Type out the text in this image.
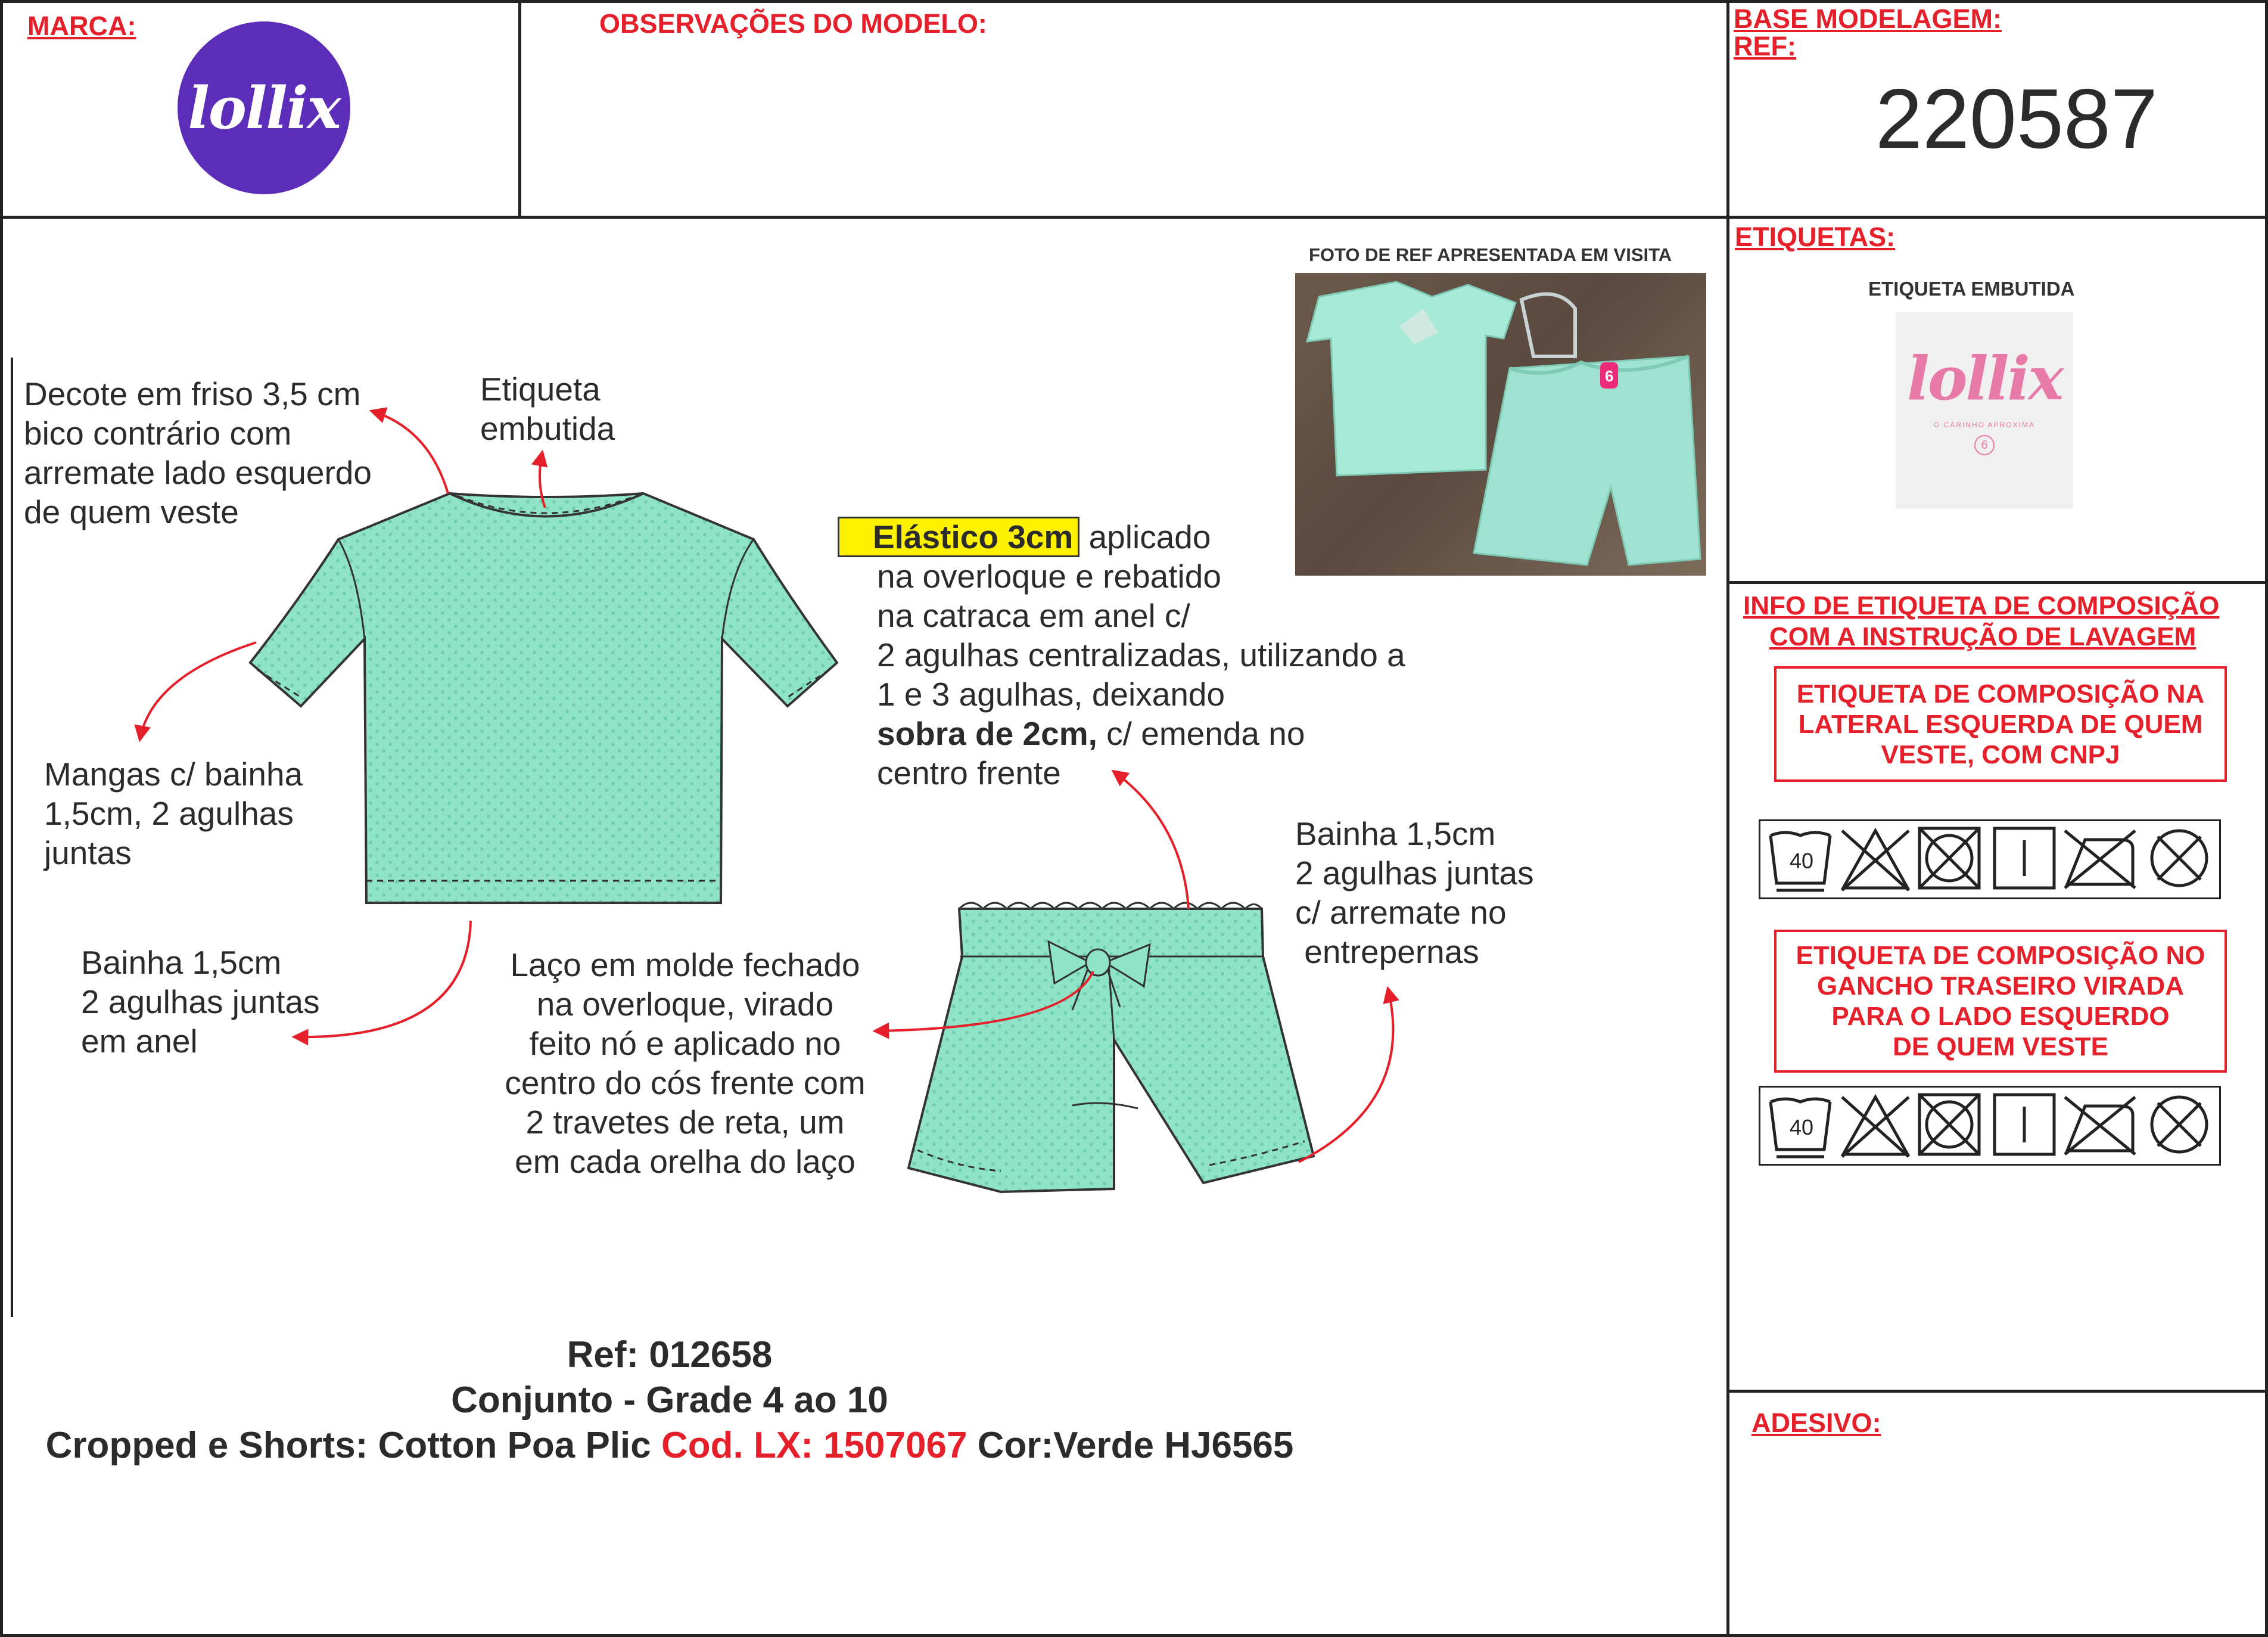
MARCA:
lollix
OBSERVAÇÕES DO MODELO:	BASE MODELAGEM:
REF:
220587
FOTO DE REF APRESENTADA EM VISITA
6
ETIQUETAS:
ETIQUETA EMBUTIDA
lollix
O CARINHO APROXIMA
6
INFO DE ETIQUETA DE COMPOSIÇÃO
COM A INSTRUÇÃO DE LAVAGEM
ETIQUETA DE COMPOSIÇÃO NA
LATERAL ESQUERDA DE QUEM
VESTE, COM CNPJ
40
ETIQUETA DE COMPOSIÇÃO NO
GANCHO TRASEIRO VIRADA
PARA O LADO ESQUERDO
DE QUEM VESTE
40
ADESIVO:
Decote em friso 3,5 cm
bico contrário com
arremate lado esquerdo
de quem veste
Etiqueta
embutida
Mangas c/ bainha
1,5cm, 2 agulhas
juntas
Bainha 1,5cm
2 agulhas juntas
em anel
Elástico 3cm aplicado
na overloque e rebatido
na catraca em anel c/
2 agulhas centralizadas, utilizando a
1 e 3 agulhas, deixando
sobra de 2cm, c/ emenda no
centro frente
Bainha 1,5cm
2 agulhas juntas
c/ arremate no
entrepernas
Laço em molde fechado
na overloque, virado
feito nó e aplicado no
centro do cós frente com
2 travetes de reta, um
em cada orelha do laço
Ref: 012658
Conjunto - Grade 4 ao 10
Cropped e Shorts: Cotton Poa Plic Cod. LX: 1507067 Cor:Verde HJ6565
